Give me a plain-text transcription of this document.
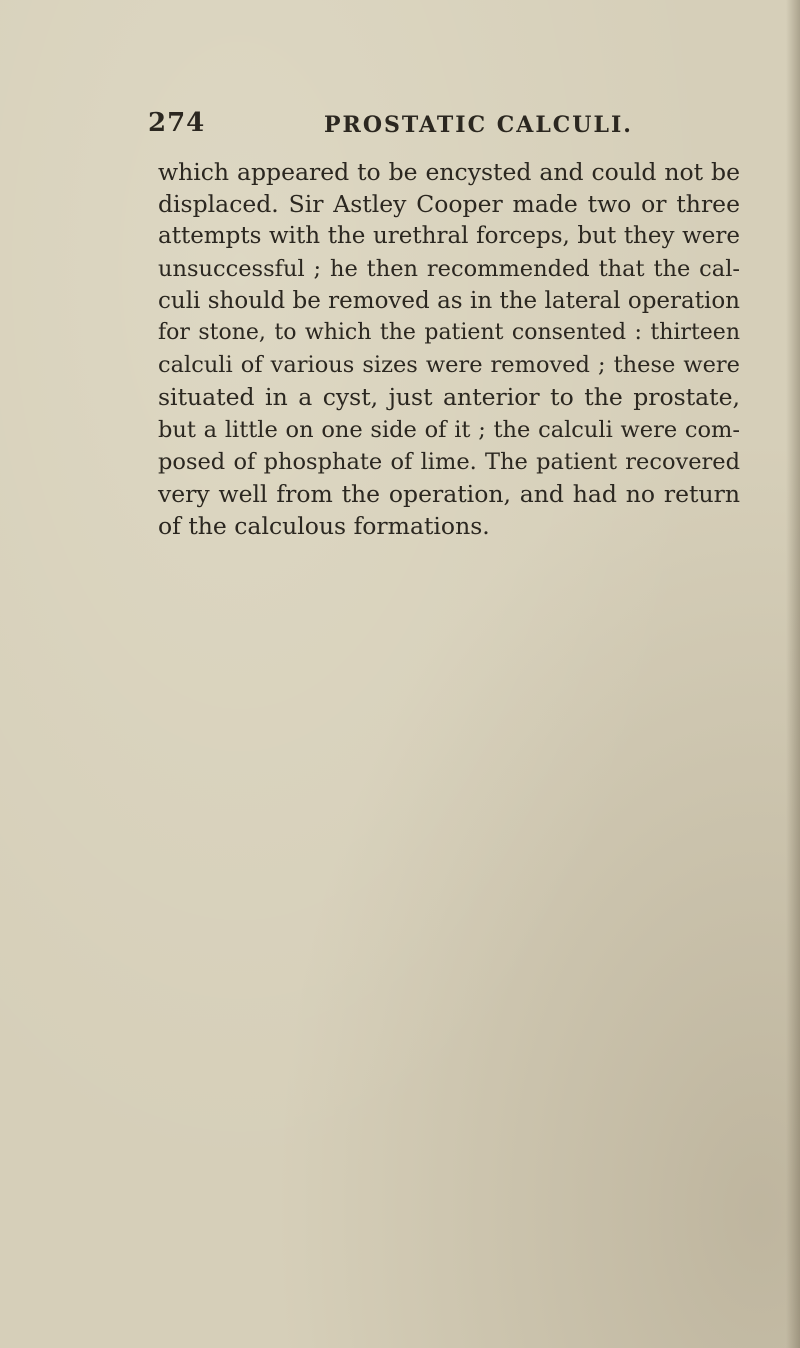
274	PROSTATIC CALCULI.

which appeared to be encysted and could not be
displaced. Sir Astley Cooper made two or three
attempts with the urethral forceps, but they were
unsuccessful ; he then recommended that the cal-
culi should be removed as in the lateral operation
for stone, to which the patient consented : thirteen
calculi of various sizes were removed ; these were
situated in a cyst, just anterior to the prostate,
but a little on one side of it ; the calculi were com-
posed of phosphate of lime. The patient recovered
very well from the operation, and had no return
of the calculous formations.
